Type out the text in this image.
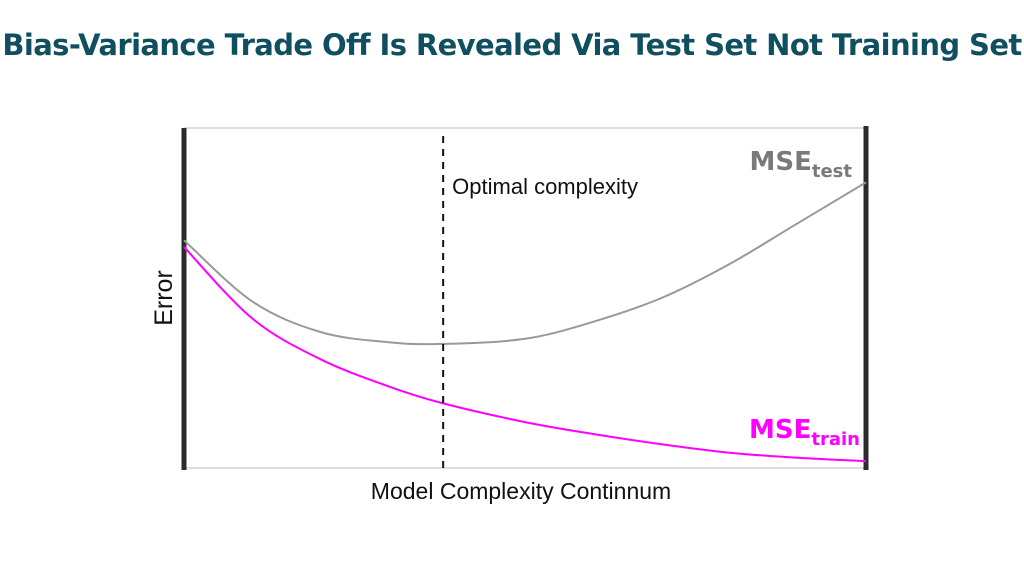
Bias-Variance Trade Off Is Revealed Via Test Set Not Training Set
Optimal complexity
Error
Model Complexity Continnum
MSEtest
MSEtrain
